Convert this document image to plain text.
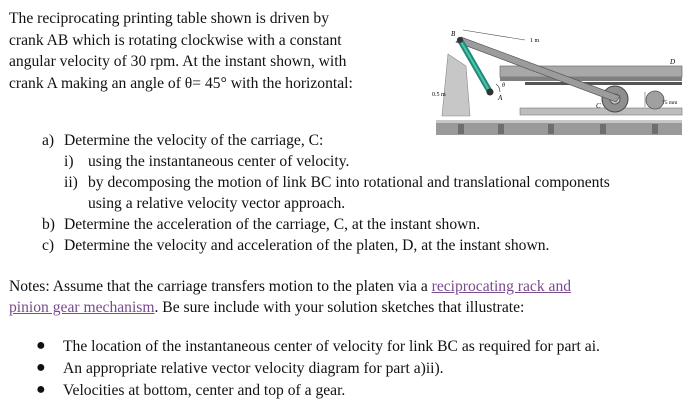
The reciprocating printing table shown is driven by
crank AB which is rotating clockwise with a constant
angular velocity of 30 rpm. At the instant shown, with
crank A making an angle of θ= 45° with the horizontal:
B
1 m
D
0.5 m
θ
A
C	75 mm
a) Determine the velocity of the carriage, C:
i) using the instantaneous center of velocity.
ii) by decomposing the motion of link BC into rotational and translational components
using a relative velocity vector approach.
b) Determine the acceleration of the carriage, C, at the instant shown.
c) Determine the velocity and acceleration of the platen, D, at the instant shown.
Notes: Assume that the carriage transfers motion to the platen via a reciprocating rack and
pinion gear mechanism. Be sure include with your solution sketches that illustrate:
● The location of the instantaneous center of velocity for link BC as required for part ai.
● An appropriate relative vector velocity diagram for part a)ii).
● Velocities at bottom, center and top of a gear.
